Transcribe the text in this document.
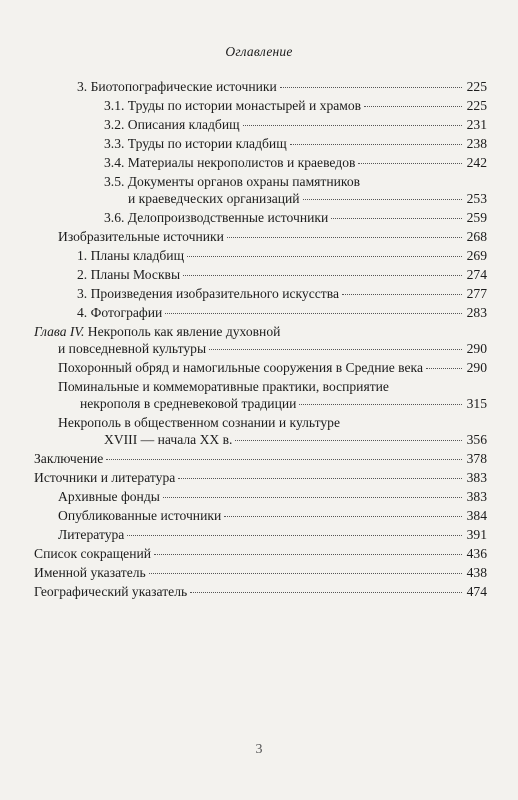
Оглавление
3. Биотопографические источники	225
3.1. Труды по истории монастырей и храмов	225
3.2. Описания кладбищ	231
3.3. Труды по истории кладбищ	238
3.4. Материалы некрополистов и краеведов	242
3.5. Документы органов охраны памятников
и краеведческих организаций	253
3.6. Делопроизводственные источники	259
Изобразительные источники	268
1. Планы кладбищ	269
2. Планы Москвы	274
3. Произведения изобразительного искусства	277
4. Фотографии	283
Глава IV. Некрополь как явление духовной
и повседневной культуры	290
Похоронный обряд и намогильные сооружения в Средние века	290
Поминальные и коммеморативные практики, восприятие
некрополя в средневековой традиции	315
Некрополь в общественном сознании и культуре
XVIII — начала XX в.	356
Заключение	378
Источники и литература	383
Архивные фонды	383
Опубликованные источники	384
Литература	391
Список сокращений	436
Именной указатель	438
Географический указатель	474
3
